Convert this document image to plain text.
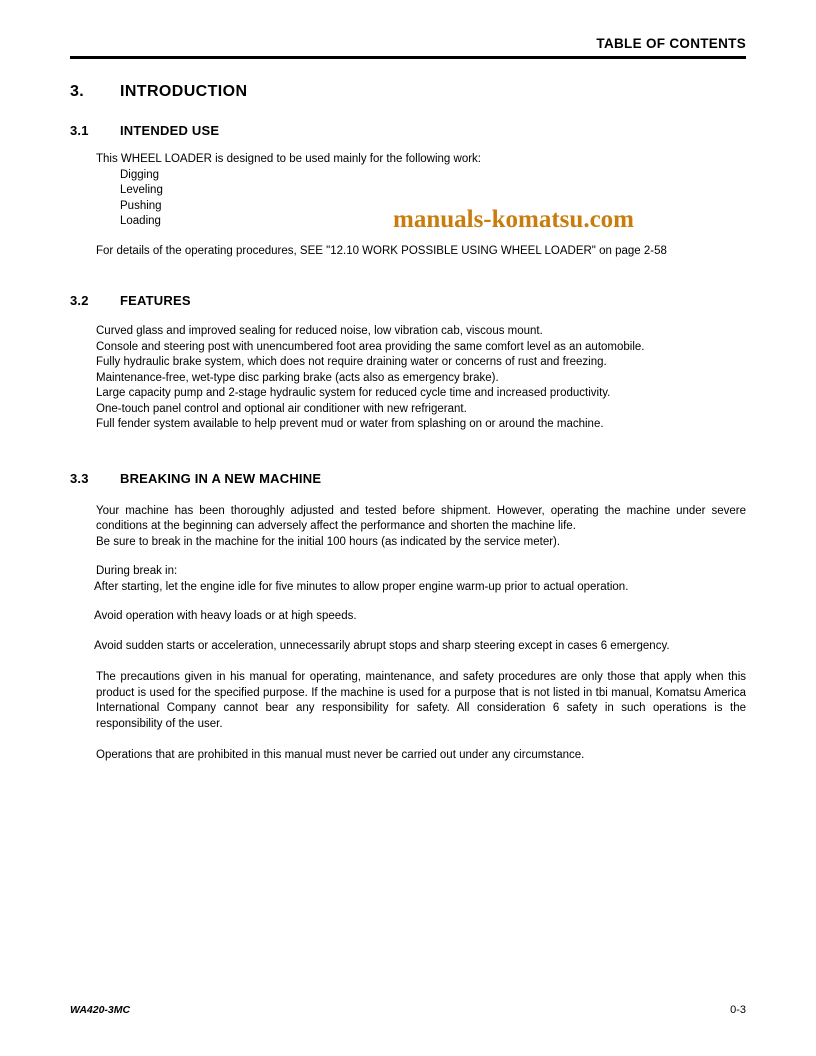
TABLE OF CONTENTS
3.	INTRODUCTION
3.1	INTENDED USE
This WHEEL LOADER is designed to be used mainly for the following work:
Digging
Leveling
Pushing
Loading
For details of the operating procedures, SEE "12.10 WORK POSSIBLE USING WHEEL LOADER" on page 2-58
3.2	FEATURES
Curved glass and improved sealing for reduced noise, low vibration cab, viscous mount.
Console and steering post with unencumbered foot area providing the same comfort level as an automobile.
Fully hydraulic brake system, which does not require draining water or concerns of rust and freezing.
Maintenance-free, wet-type disc parking brake (acts also as emergency brake).
Large capacity pump and 2-stage hydraulic system for reduced cycle time and increased productivity.
One-touch panel control and optional air conditioner with new refrigerant.
Full fender system available to help prevent mud or water from splashing on or around the machine.
3.3	BREAKING IN A NEW MACHINE
Your machine has been thoroughly adjusted and tested before shipment. However, operating the machine under severe conditions at the beginning can adversely affect the performance and shorten the machine life.
Be sure to break in the machine for the initial 100 hours (as indicated by the service meter).
During break in:
After starting, let the engine idle for five minutes to allow proper engine warm-up prior to actual operation.
Avoid operation with heavy loads or at high speeds.
Avoid sudden starts or acceleration, unnecessarily abrupt stops and sharp steering except in cases 6 emergency.
The precautions given in his manual for operating, maintenance, and safety procedures are only those that apply when this product is used for the specified purpose. If the machine is used for a purpose that is not listed in tbi manual, Komatsu America International Company cannot bear any responsibility for safety. All consideration 6 safety in such operations is the responsibility of the user.
Operations that are prohibited in this manual must never be carried out under any circumstance.
manuals-komatsu.com
WA420-3MC	0-3
